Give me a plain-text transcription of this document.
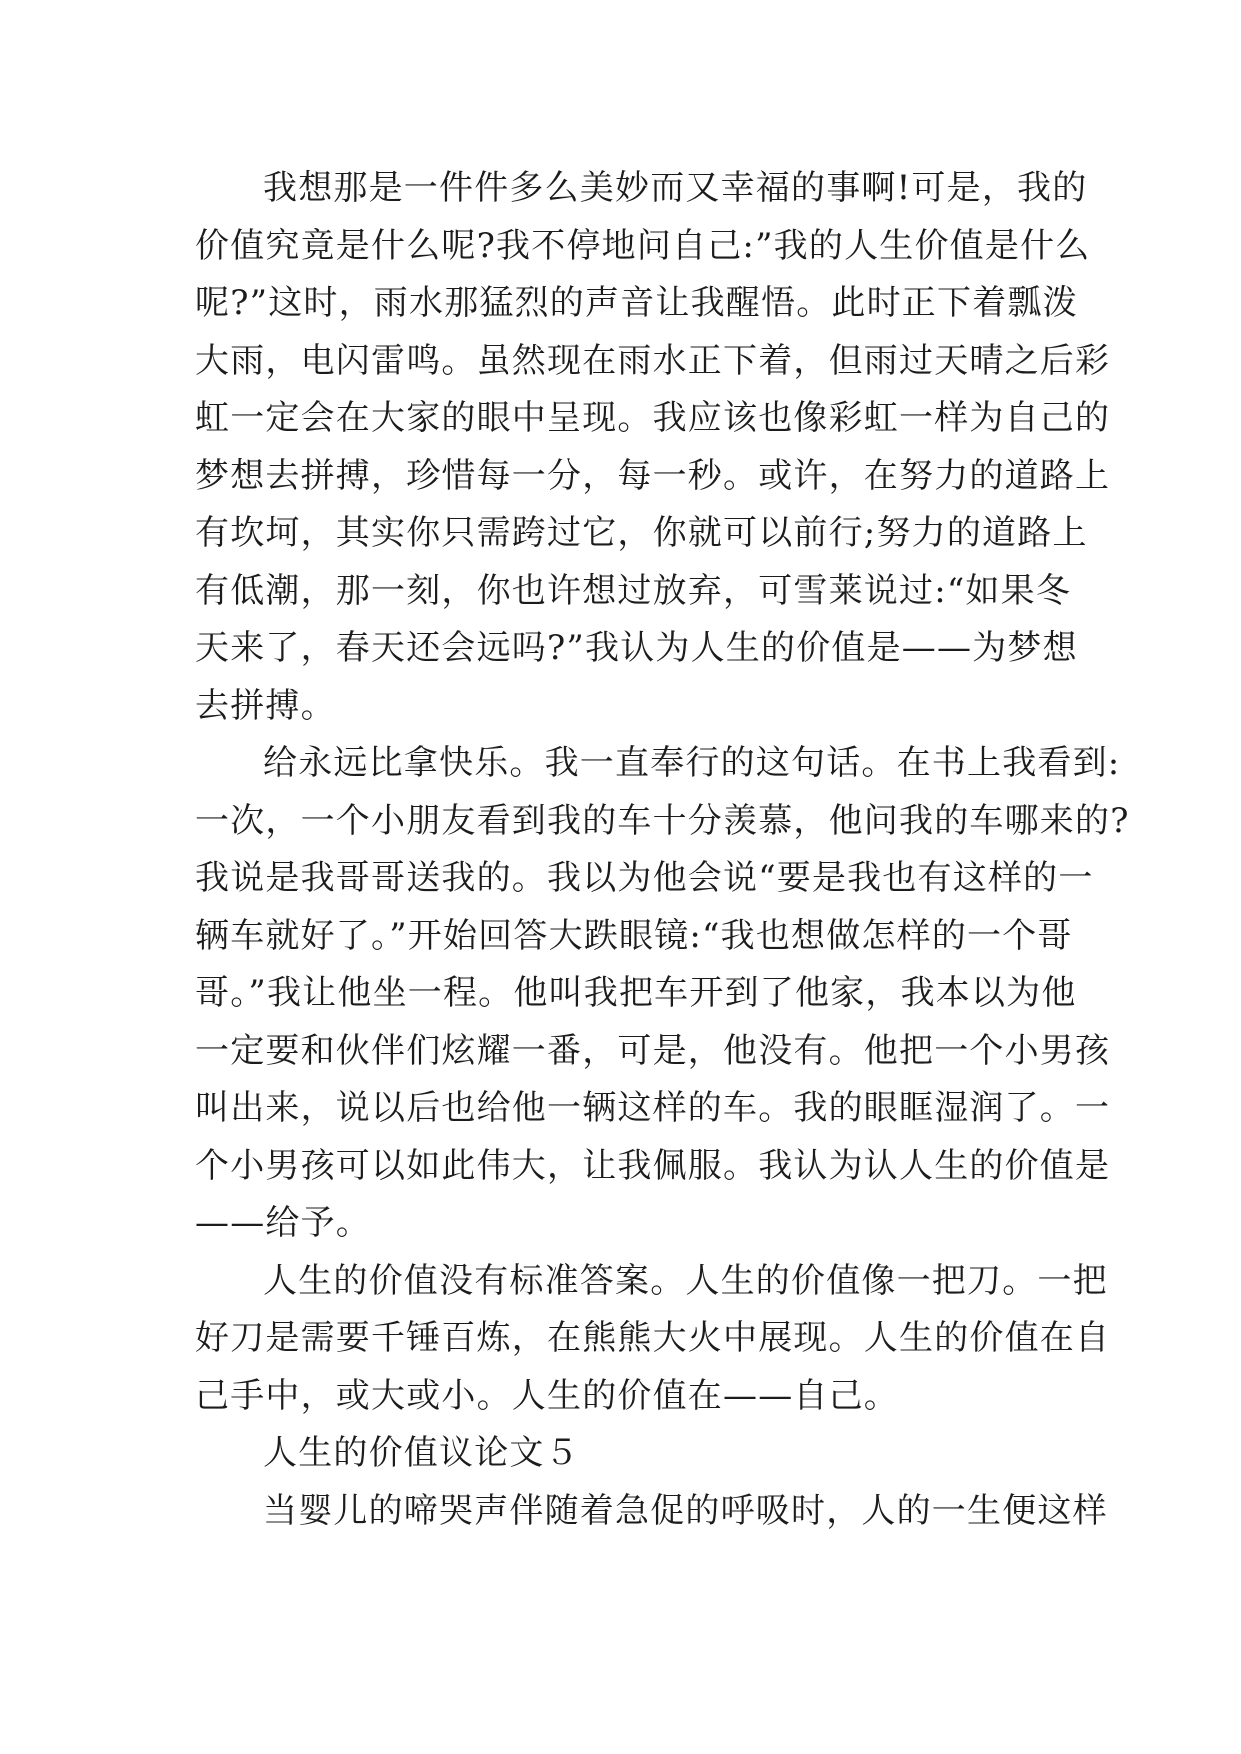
我想那是一件件多么美妙而又幸福的事啊!可是，我的
价值究竟是什么呢?我不停地问自己:”我的人生价值是什么
呢?”这时，雨水那猛烈的声音让我醒悟。此时正下着瓢泼
大雨，电闪雷鸣。虽然现在雨水正下着，但雨过天晴之后彩
虹一定会在大家的眼中呈现。我应该也像彩虹一样为自己的
梦想去拼搏，珍惜每一分，每一秒。或许，在努力的道路上
有坎坷，其实你只需跨过它，你就可以前行;努力的道路上
有低潮，那一刻，你也许想过放弃，可雪莱说过:“如果冬
天来了，春天还会远吗?”我认为人生的价值是——为梦想
去拼搏。
给永远比拿快乐。我一直奉行的这句话。在书上我看到:
一次，一个小朋友看到我的车十分羡慕，他问我的车哪来的?
我说是我哥哥送我的。我以为他会说“要是我也有这样的一
辆车就好了。”开始回答大跌眼镜:“我也想做怎样的一个哥
哥。”我让他坐一程。他叫我把车开到了他家，我本以为他
一定要和伙伴们炫耀一番，可是，他没有。他把一个小男孩
叫出来，说以后也给他一辆这样的车。我的眼眶湿润了。一
个小男孩可以如此伟大，让我佩服。我认为认人生的价值是
——给予。
人生的价值没有标准答案。人生的价值像一把刀。一把
好刀是需要千锤百炼，在熊熊大火中展现。人生的价值在自
己手中，或大或小。人生的价值在——自己。
人生的价值议论文５
当婴儿的啼哭声伴随着急促的呼吸时，人的一生便这样
